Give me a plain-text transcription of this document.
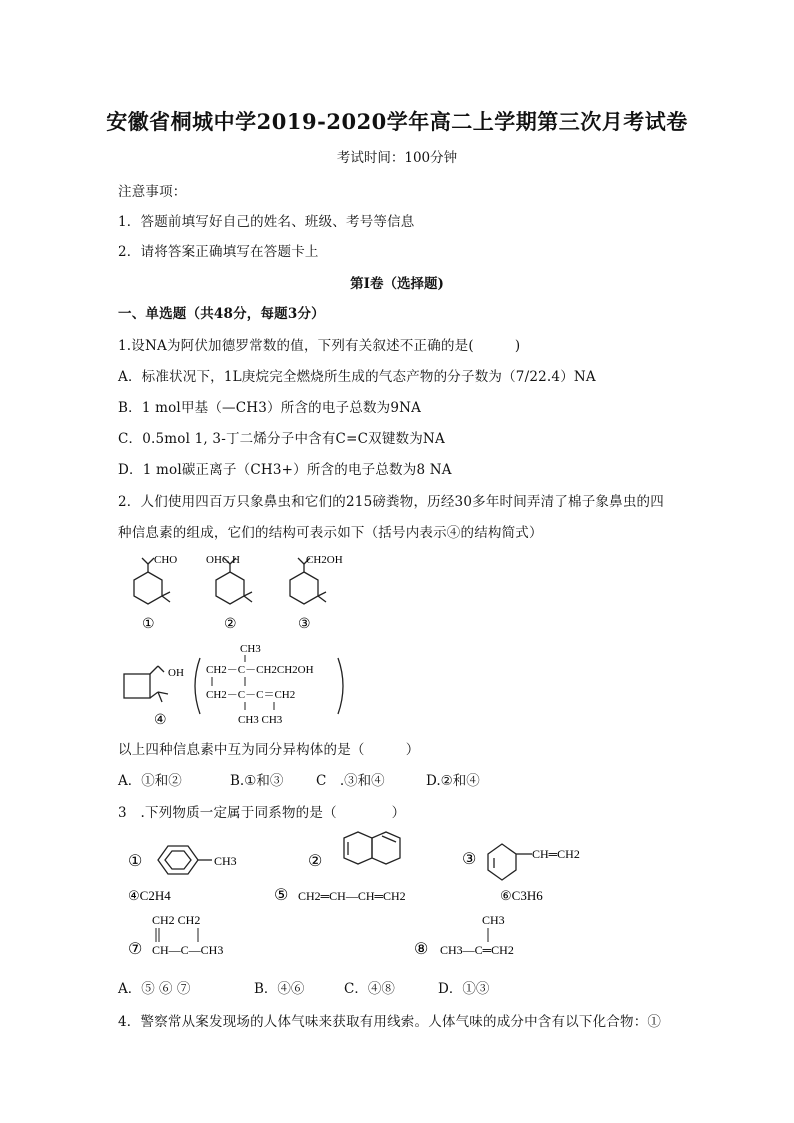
安徽省桐城中学2019-2020学年高二上学期第三次月考试卷
考试时间：100分钟
注意事项：
1．答题前填写好自己的姓名、班级、考号等信息
2．请将答案正确填写在答题卡上
第I卷（选择题)
一、单选题（共48分，每题3分）
1.设NA为阿伏加德罗常数的值，下列有关叙述不正确的是(　　　)
A．标准状况下，1L庚烷完全燃烧所生成的气态产物的分子数为（7/22.4）NA
B．1 mol甲基（—CH3）所含的电子总数为9NA
C．0.5mol 1, 3-丁二烯分子中含有C=C双键数为NA
D．1 mol碳正离子（CH3+）所含的电子总数为8 NA
2．人们使用四百万只象鼻虫和它们的215磅粪物，历经30多年时间弄清了棉子象鼻虫的四
种信息素的组成，它们的结构可表示如下（括号内表示④的结构简式）
CHO
①
OHC H
②
CH2OH
③
OH
④
CH3
CH2－C－CH2CH2OH
CH2－C－C＝CH2
CH3 CH3
以上四种信息素中互为同分异构体的是（　　　）
A．①和②	B.①和③ C　.③和④	D.②和④
3　.下列物质一定属于同系物的是（　　　　）
①	CH3
④C2H4
②
⑤ CH2═CH—CH═CH2
③	CH═CH2
⑥C3H6
CH2 CH2
⑦ CH—C—CH3
CH3
⑧ CH3—C═CH2
A．⑤ ⑥ ⑦	B．④⑥	C．④⑧	D．①③
4．警察常从案发现场的人体气味来获取有用线索。人体气味的成分中含有以下化合物：①
